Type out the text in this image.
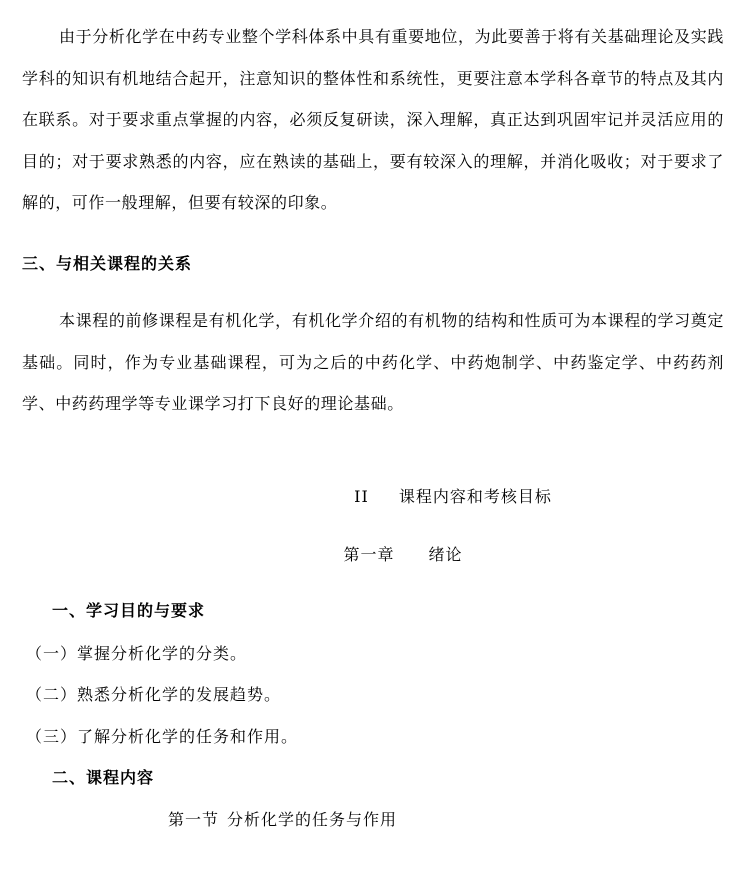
由于分析化学在中药专业整个学科体系中具有重要地位，为此要善于将有关基础理论及实践学科的知识有机地结合起开，注意知识的整体性和系统性，更要注意本学科各章节的特点及其内在联系。对于要求重点掌握的内容，必须反复研读，深入理解，真正达到巩固牢记并灵活应用的目的；对于要求熟悉的内容，应在熟读的基础上，要有较深入的理解，并消化吸收；对于要求了解的，可作一般理解，但要有较深的印象。

三、与相关课程的关系

本课程的前修课程是有机化学，有机化学介绍的有机物的结构和性质可为本课程的学习奠定基础。同时，作为专业基础课程，可为之后的中药化学、中药炮制学、中药鉴定学、中药药剂学、中药药理学等专业课学习打下良好的理论基础。

II 课程内容和考核目标
第一章 绪论
一、学习目的与要求

（一）掌握分析化学的分类。

（二）熟悉分析化学的发展趋势。

（三）了解分析化学的任务和作用。

二、课程内容
第一节 分析化学的任务与作用
